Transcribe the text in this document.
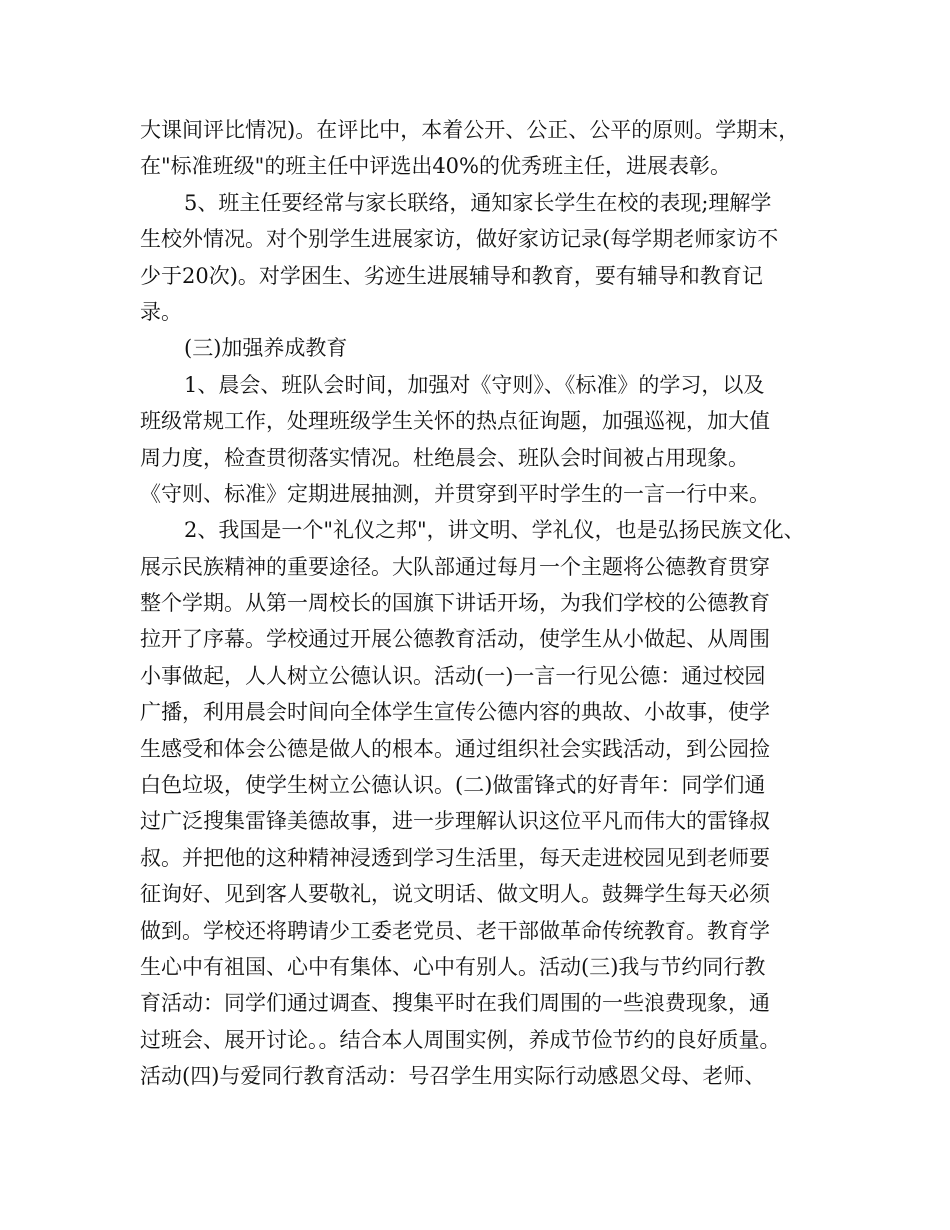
大课间评比情况)。在评比中，本着公开、公正、公平的原则。学期末，
在"标准班级"的班主任中评选出40%的优秀班主任，进展表彰。
5、班主任要经常与家长联络，通知家长学生在校的表现;理解学
生校外情况。对个别学生进展家访，做好家访记录(每学期老师家访不
少于20次)。对学困生、劣迹生进展辅导和教育，要有辅导和教育记
录。
(三)加强养成教育
1、晨会、班队会时间，加强对《守则》、《标准》的学习，以及
班级常规工作，处理班级学生关怀的热点征询题，加强巡视，加大值
周力度，检查贯彻落实情况。杜绝晨会、班队会时间被占用现象。
《守则、标准》定期进展抽测，并贯穿到平时学生的一言一行中来。
2、我国是一个"礼仪之邦"，讲文明、学礼仪，也是弘扬民族文化、
展示民族精神的重要途径。大队部通过每月一个主题将公德教育贯穿
整个学期。从第一周校长的国旗下讲话开场，为我们学校的公德教育
拉开了序幕。学校通过开展公德教育活动，使学生从小做起、从周围
小事做起，人人树立公德认识。活动(一)一言一行见公德：通过校园
广播，利用晨会时间向全体学生宣传公德内容的典故、小故事，使学
生感受和体会公德是做人的根本。通过组织社会实践活动，到公园捡
白色垃圾，使学生树立公德认识。(二)做雷锋式的好青年：同学们通
过广泛搜集雷锋美德故事，进一步理解认识这位平凡而伟大的雷锋叔
叔。并把他的这种精神浸透到学习生活里，每天走进校园见到老师要
征询好、见到客人要敬礼，说文明话、做文明人。鼓舞学生每天必须
做到。学校还将聘请少工委老党员、老干部做革命传统教育。教育学
生心中有祖国、心中有集体、心中有别人。活动(三)我与节约同行教
育活动：同学们通过调查、搜集平时在我们周围的一些浪费现象，通
过班会、展开讨论。。结合本人周围实例，养成节俭节约的良好质量。
活动(四)与爱同行教育活动：号召学生用实际行动感恩父母、老师、
